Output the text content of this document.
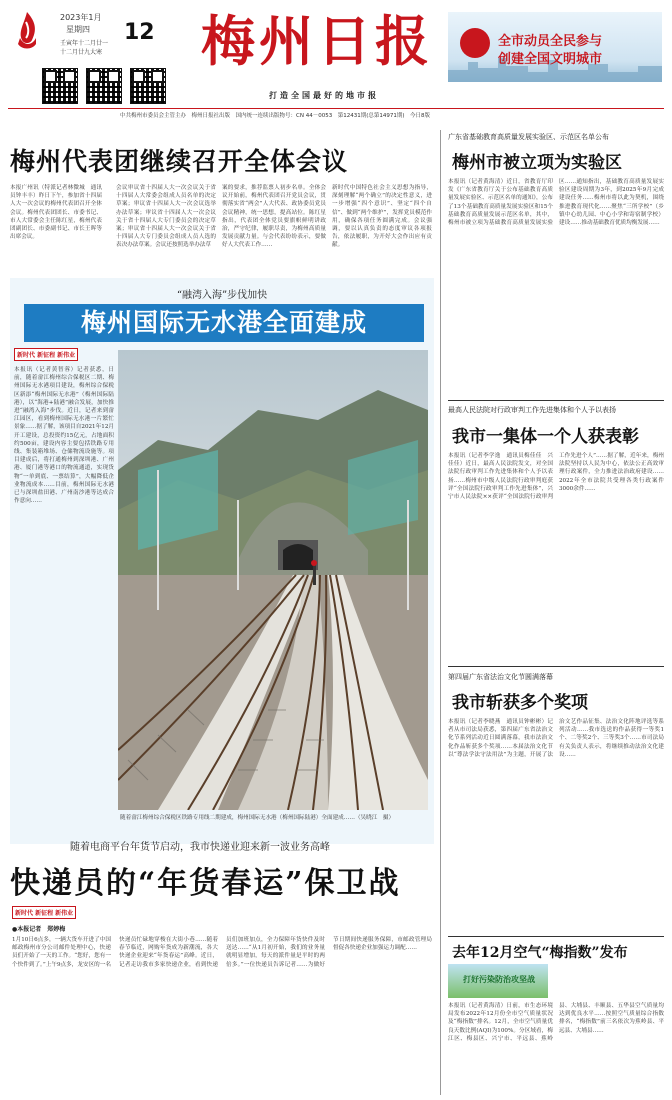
2023年1月
星期四 12
壬寅年十二月廿一
十二月廿九大寒 梅州日报
打造全国最好的地市报
全市动员全民参与
创建全国文明城市
中共梅州市委员会主管主办　梅州日报社出版　国内统一连续出版物号：CN 44－0053　第12431期(总第14971期)　今日8版
梅州代表团继续召开全体会议
本报广州讯（特派记者林微城　通讯员钟丰丰）昨日下午，参加省十四届人大一次会议的梅州代表团召开全体会议。梅州代表团团长、市委书记、市人大常委会主任陈红星，梅州代表团副团长、市委副书记、市长王晖等出席会议。
会议审议省十四届人大一次会议关于省十四届人大常委会组成人员名单的决定草案；审议省十四届人大一次会议选举办法草案；审议省十四届人大一次会议关于省十四届人大专门委员会的决定草案；审议省十四届人大一次会议关于省十四届人大专门委员会组成人员人选的表决办法草案。会议还按照选举办法草
案的要求，推荐监票人初步名单。全体会议开始前，梅州代表团召开党员会议，贯彻落实省“两会”人大代表、政协委员党员会议精神，统一思想，提高站位。陈红星指出，代表团全体党员要旗帜鲜明讲政治，严守纪律，履职尽责，为梅州高质量发展贡献力量。与会代表纷纷表示，要做好人大代表工作……
新时代中国特色社会主义思想为指导，深刻理解“两个确立”的决定性意义，进一步增强“四个意识”、坚定“四个自信”、做到“两个维护”，发挥党员模范作用，确保各项任务圆满完成。会议强调，要以认真负责的态度审议各项报告，依法履职，为开好大会作出应有贡献。
“融湾入海”步伐加快
梅州国际无水港全面建成
新时代 新征程 新伟业
本报讯（记者黄智蓉）记者获悉，日前，随着畲江梅州综合保税区二期、梅州国际无水港项目建设，梅州综合保税区新添“梅州国际无水港”（梅州国际陆港），以“海港+陆港”融合发展，加快推进“融湾入海”步伐。近日，记者来到畲江园区，看到梅州国际无水港一片繁忙景象……据了解，该项目自2021年12月开工建设，总投资约15亿元，占地面积约500亩，建设内容主要包括铁路专用线、集装箱堆场、仓储物流设施等。项目建成后，将打通梅州到深圳港、广州港、厦门港等港口的物流通道，实现货物“一单到底、一票结算”，大幅降低企业物流成本……目前，梅州国际无水港已与深圳盐田港、广州南沙港等达成合作意向……
随着畲江梅州综合保税区铁路专用线二期建成，梅州国际无水港（梅州国际陆港）全面建成……（吴晓江　摄）
随着电商平台年货节启动，我市快递业迎来新一波业务高峰
快递员的“年货春运”保卫战
新时代 新征程 新伟业
●本报记者　郑婷梅
1月10日6点多，一辆大货车开进了中国邮政梅州市分公司邮件处理中心，快递员们开始了一天的工作。“您好，您有一个快件到了。”上午9点多，龙安区的一名快递员忙碌地穿梭在大街小巷……随着春节临近，网购年货成为新潮流，各大快递企业迎来“年货春运”高峰。近日，记者走访我市多家快递企业，看到快递员们加班加点，全力保障年货快件及时送达……“从1月初开始，我们的业务量就明显增加，每天的派件量是平时的两倍多。”一位快递员告诉记者……为做好节日期间快递服务保障，市邮政管理局督促各快递企业加强运力调配……
广东省基础教育高质量发展实验区、示范区名单公布
梅州市被立项为实验区
本报讯（记者黄海清）近日，省教育厅印发《广东省教育厅关于公布基础教育高质量发展实验区、示范区名单的通知》，公布了13个基础教育高质量发展实验区和15个基础教育高质量发展示范区名单，其中，梅州市被立项为基础教育高质量发展实验区……通知指出，基础教育高质量发展实验区建设周期为3年，到2025年9月完成建设任务……梅州市将以此为契机，围绕推进教育现代化……聚焦“三所学校”（乡镇中心幼儿园、中心小学和寄宿制学校）建设……推动基础教育优质均衡发展……
最高人民法院对行政审判工作先进集体和个人予以表扬
我市一集体一个人获表彰
本报讯（记者李学逸　通讯员梅佳佳　兴佳佳）近日，最高人民法院发文，对全国法院行政审判工作先进集体和个人予以表扬……梅州市中级人民法院行政审判庭获评“全国法院行政审判工作先进集体”，兴宁市人民法院××获评“全国法院行政审判工作先进个人”……据了解，近年来，梅州法院坚持以人民为中心，依法公正高效审理行政案件，全力推进法治政府建设……2022年全市法院共受理各类行政案件3000余件……
第四届广东省法治文化节圆满落幕
我市斩获多个奖项
本报讯（记者李晓燕　通讯员钟彬彬）记者从市司法局获悉，第四届广东省法治文化节系列活动近日圆满落幕，我市法治文化作品斩获多个奖项……本届法治文化节以“尊法学法守法用法”为主题，开展了法治文艺作品征集、法治文化阵地评选等系列活动……我市选送的作品获得一等奖1个、二等奖2个、三等奖3个……市司法局有关负责人表示，将继续推动法治文化建设……
去年12月空气“梅指数”发布
打好污染防治攻坚战
本报讯（记者黄海清）日前，市生态环境局发布2022年12月份全市空气质量状况及“梅指数”排名。12月，全市空气质量优良天数比例(AQI)为100%。分区域看，梅江区、梅县区、兴宁市、平远县、蕉岭县、大埔县、丰顺县、五华县空气质量均达到优良水平……按照空气质量综合指数排名，“梅指数”前三名依次为蕉岭县、平远县、大埔县……
